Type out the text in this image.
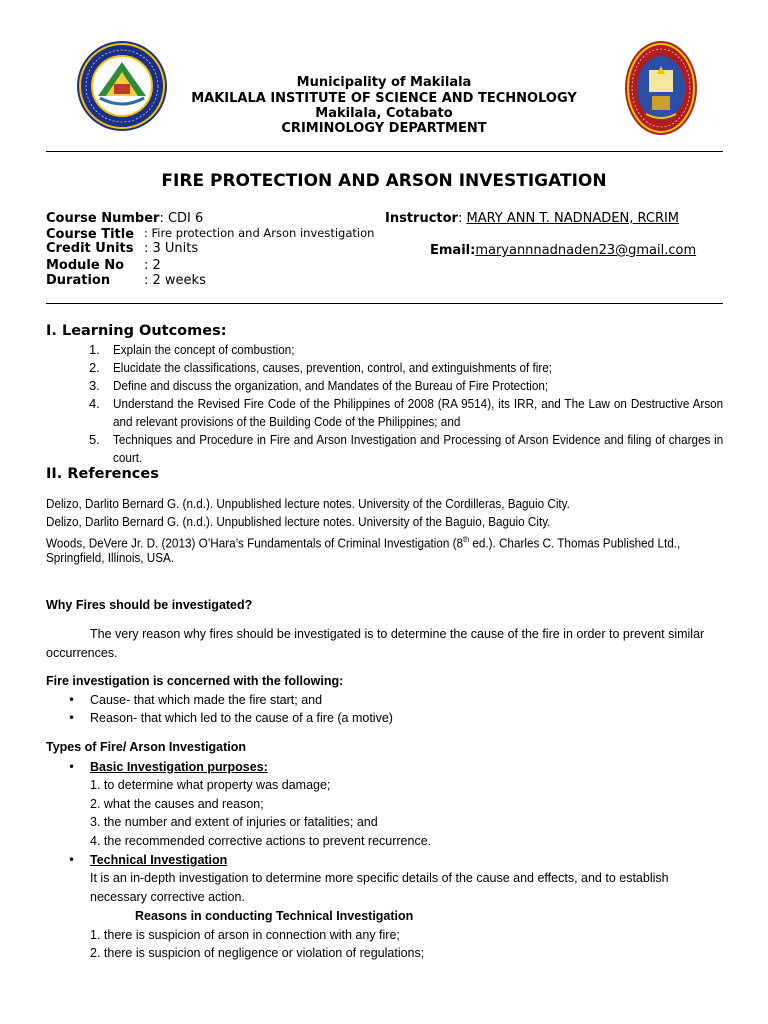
Municipality of Makilala
MAKILALA INSTITUTE OF SCIENCE AND TECHNOLOGY
Makilala, Cotabato
CRIMINOLOGY DEPARTMENT
FIRE PROTECTION AND ARSON INVESTIGATION
Course Number: CDI 6
Course Title : Fire protection and Arson investigation
Credit Units : 3 Units
Module No : 2
Duration	: 2 weeks
Instructor: MARY ANN T. NADNADEN, RCRIM
Email:maryannnadnaden23@gmail.com
I. Learning Outcomes:
1. Explain the concept of combustion;
2. Elucidate the classifications, causes, prevention, control, and extinguishments of fire;
3. Define and discuss the organization, and Mandates of the Bureau of Fire Protection;
4. Understand the Revised Fire Code of the Philippines of 2008 (RA 9514), its IRR, and The Law on Destructive Arson and relevant provisions of the Building Code of the Philippines; and
5. Techniques and Procedure in Fire and Arson Investigation and Processing of Arson Evidence and filing of charges in court.
II. References
Delizo, Darlito Bernard G. (n.d.). Unpublished lecture notes. University of the Cordilleras, Baguio City.
Delizo, Darlito Bernard G. (n.d.). Unpublished lecture notes. University of the Baguio, Baguio City.
Woods, DeVere Jr. D. (2013) O’Hara’s Fundamentals of Criminal Investigation (8th ed.). Charles C. Thomas Published Ltd.,
Springfield, Illinois, USA.
Why Fires should be investigated?
The very reason why fires should be investigated is to determine the cause of the fire in order to prevent similar
occurrences.
Fire investigation is concerned with the following:
• Cause- that which made the fire start; and
• Reason- that which led to the cause of a fire (a motive)
Types of Fire/ Arson Investigation
• Basic Investigation purposes:
1. to determine what property was damage;
2. what the causes and reason;
3. the number and extent of injuries or fatalities; and
4. the recommended corrective actions to prevent recurrence.
• Technical Investigation
It is an in-depth investigation to determine more specific details of the cause and effects, and to establish
necessary corrective action.
Reasons in conducting Technical Investigation
1. there is suspicion of arson in connection with any fire;
2. there is suspicion of negligence or violation of regulations;
